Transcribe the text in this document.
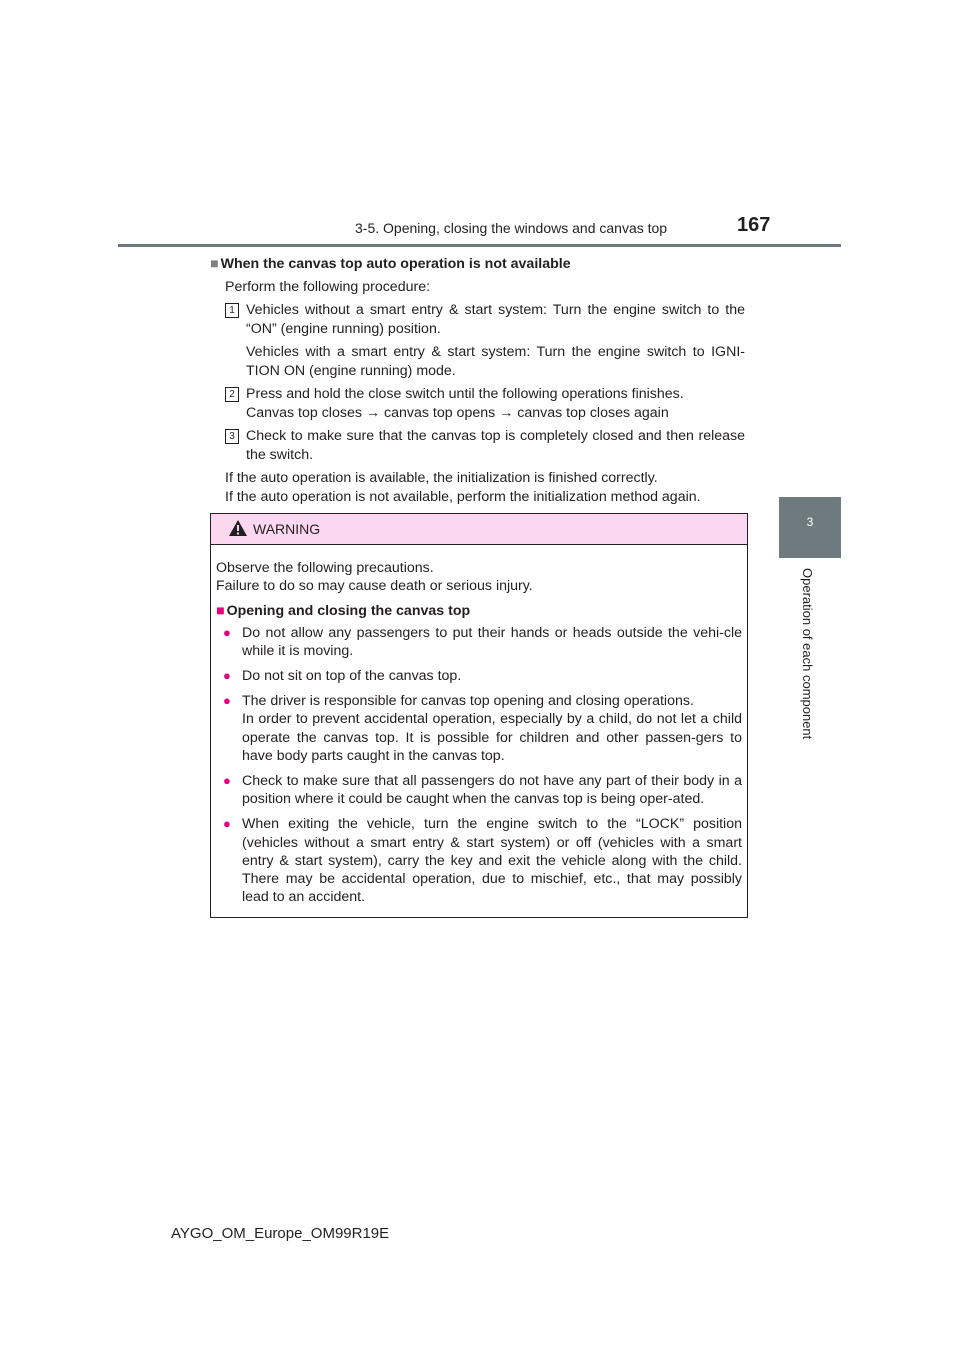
3-5. Opening, closing the windows and canvas top	167
3
Operation of each component
■ When the canvas top auto operation is not available
Perform the following procedure:
1 Vehicles without a smart entry & start system: Turn the engine switch to the “ON” (engine running) position.

Vehicles with a smart entry & start system: Turn the engine switch to IGNI-TION ON (engine running) mode.

2 Press and hold the close switch until the following operations finishes.

Canvas top closes → canvas top opens → canvas top closes again

3 Check to make sure that the canvas top is completely closed and then release the switch.

If the auto operation is available, the initialization is finished correctly.
If the auto operation is not available, perform the initialization method again.
WARNING

Observe the following precautions.

Failure to do so may cause death or serious injury.

■ Opening and closing the canvas top
● Do not allow any passengers to put their hands or heads outside the vehi-cle while it is moving.
● Do not sit on top of the canvas top.
● The driver is responsible for canvas top opening and closing operations.
In order to prevent accidental operation, especially by a child, do not let a child operate the canvas top. It is possible for children and other passen-gers to have body parts caught in the canvas top.
● Check to make sure that all passengers do not have any part of their body in a position where it could be caught when the canvas top is being oper-ated.
● When exiting the vehicle, turn the engine switch to the “LOCK” position (vehicles without a smart entry & start system) or off (vehicles with a smart entry & start system), carry the key and exit the vehicle along with the child. There may be accidental operation, due to mischief, etc., that may possibly lead to an accident.
AYGO_OM_Europe_OM99R19E
